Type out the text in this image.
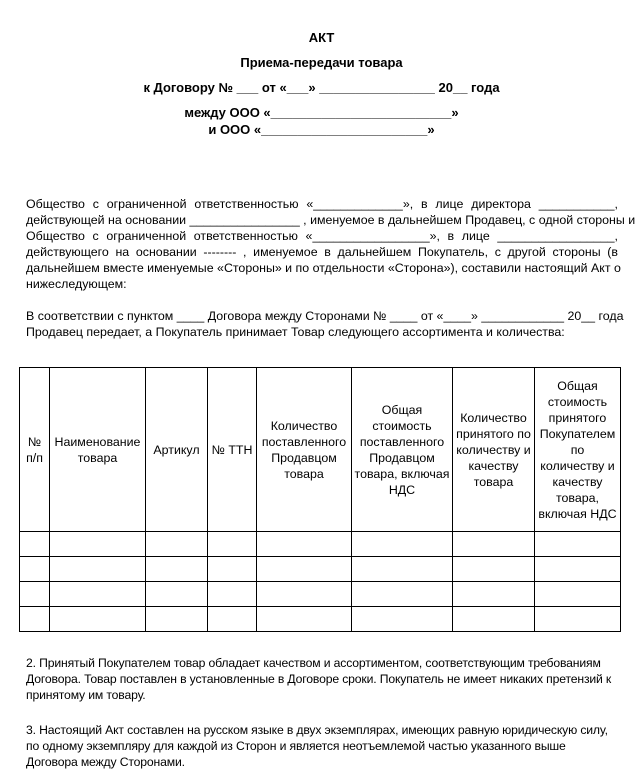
АКТ
Приема-передачи товара
к Договору № ___ от «___» ________________ 20__ года
между ООО «_________________________»
и ООО «_______________________»
Общество с ограниченной ответственностью «_____________», в лице директора ___________,
действующей на основании ________________ , именуемое в дальнейшем Продавец, с одной стороны и
Общество с ограниченной ответственностью «_________________», в лице _________________,
действующего на основании -------- , именуемое в дальнейшем Покупатель, с другой стороны (в
дальнейшем вместе именуемые «Стороны» и по отдельности «Сторона»), составили настоящий Акт о
нижеследующем:
В соответствии с пунктом ____ Договора между Сторонами № ____ от «____» ____________ 20__ года
Продавец передает, а Покупатель принимает Товар следующего ассортимента и количества:
№ п/п	Наименование товара	Артикул	№ ТТН	Количество поставленного Продавцом товара	Общая стоимость поставленного Продавцом товара, включая НДС	Количество принятого по количеству и качеству товара	Общая стоимость принятого Покупателем по количеству и качеству товара, включая НДС

2. Принятый Покупателем товар обладает качеством и ассортиментом, соответствующим требованиям Договора. Товар поставлен в установленные в Договоре сроки. Покупатель не имеет никаких претензий к принятому им товару.
3. Настоящий Акт составлен на русском языке в двух экземплярах, имеющих равную юридическую силу, по одному экземпляру для каждой из Сторон и является неотъемлемой частью указанного выше Договора между Сторонами.
